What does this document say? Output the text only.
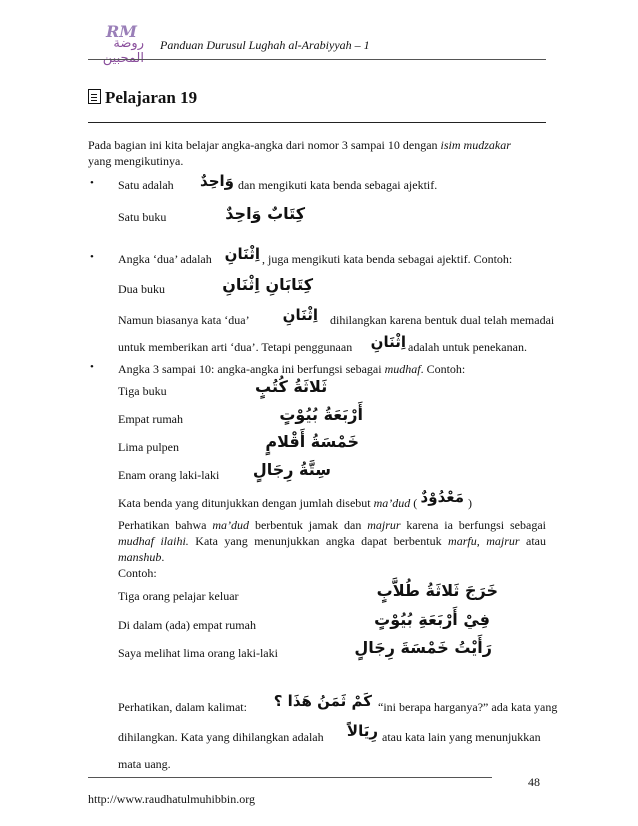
RM
روضة المحبين
Panduan Durusul Lughah al-Arabiyyah – 1
Pelajaran 19
Pada bagian ini kita belajar angka-angka dari nomor 3 sampai 10 dengan isim mudzakar
yang mengikutinya.
• Satu adalah	وَاحِدٌ dan mengikuti kata benda sebagai ajektif.
Satu buku	كِتَابٌ وَاحِدٌ
• Angka ‘dua’ adalah اِثْنَانِ , juga mengikuti kata benda sebagai ajektif. Contoh:
Dua buku	كِتَابَانِ اِثْنَانِ
Namun biasanya kata ‘dua’	اِثْنَانِ dihilangkan karena bentuk dual telah memadai
untuk memberikan arti ‘dua’. Tetapi penggunaan	اِثْنَانِ adalah untuk penekanan.
• Angka 3 sampai 10: angka-angka ini berfungsi sebagai mudhaf. Contoh:
Tiga buku	ثَلاثَةُ كُتُبٍ
Empat rumah	أَرْبَعَةُ بُيُوْتٍ
Lima pulpen	خَمْسَةُ أَقْلامٍ
Enam orang laki-laki سِتَّةُ رِجَالٍ
Kata benda yang ditunjukkan dengan jumlah disebut ma’dud ( مَعْدُوْدٌ )
Perhatikan bahwa ma’dud berbentuk jamak dan majrur karena ia berfungsi sebagai
mudhaf ilaihi. Kata yang menunjukkan angka dapat berbentuk marfu, majrur atau
manshub.
Contoh:
Tiga orang pelajar keluar	خَرَجَ ثَلاثَةُ طُلاَّبٍ
Di dalam (ada) empat rumah	فِيْ أَرْبَعَةِ بُيُوْتٍ
Saya melihat lima orang laki-laki	رَأَيْتُ خَمْسَةَ رِجَالٍ
Perhatikan, dalam kalimat:	كَمْ ثَمَنُ هَذَا ؟ “ini berapa harganya?” ada kata yang
dihilangkan. Kata yang dihilangkan adalah	رِيَالاً atau kata lain yang menunjukkan
mata uang.
48
http://www.raudhatulmuhibbin.org
